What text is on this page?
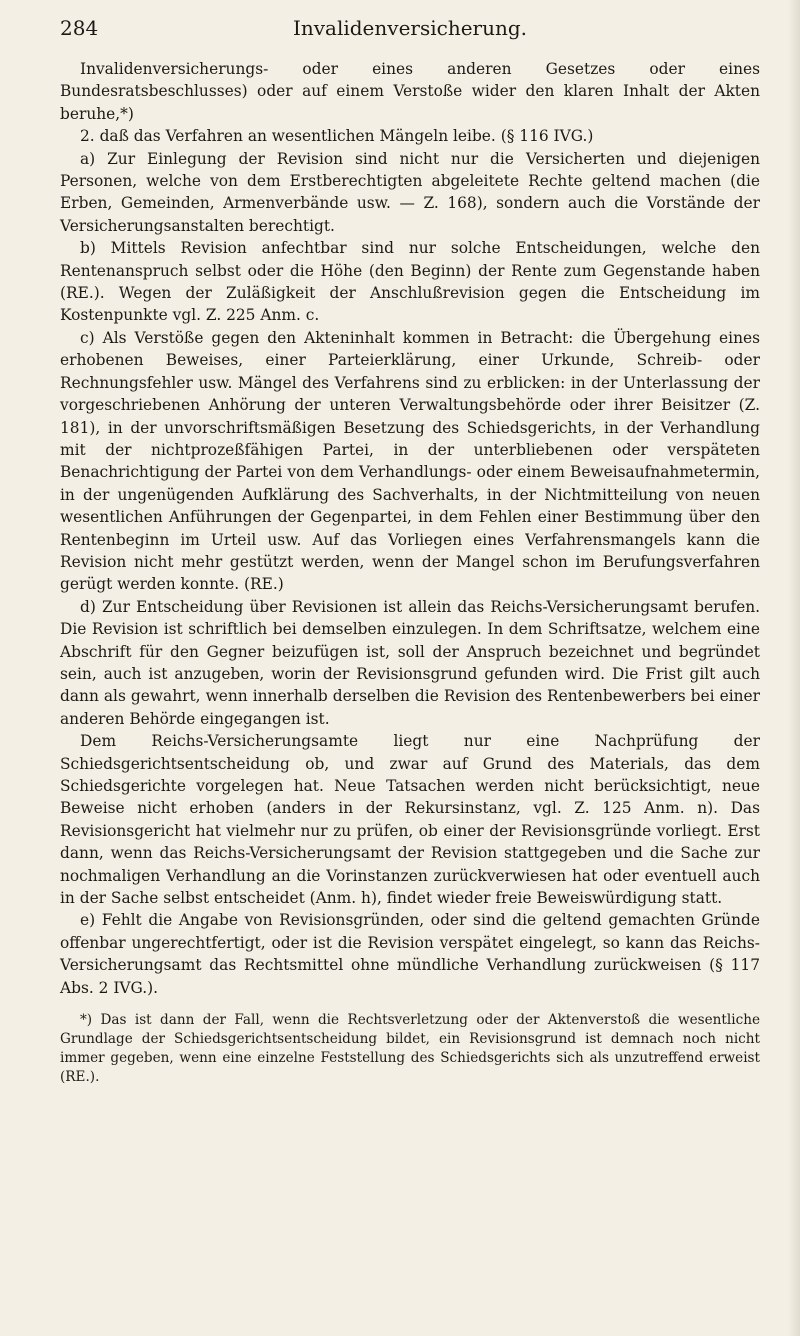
284	Invalidenversicherung.

Invalidenversicherungs- oder eines anderen Gesetzes oder eines Bundesratsbeschlusses) oder auf einem Verstoße wider den klaren Inhalt der Akten beruhe,*)

2. daß das Verfahren an wesentlichen Mängeln leibe. (§ 116 IVG.)

a) Zur Einlegung der Revision sind nicht nur die Versicherten und diejenigen Personen, welche von dem Erstberechtigten abgeleitete Rechte geltend machen (die Erben, Gemeinden, Armenverbände usw. — Z. 168), sondern auch die Vorstände der Versicherungsanstalten berechtigt.

b) Mittels Revision anfechtbar sind nur solche Entscheidungen, welche den Rentenanspruch selbst oder die Höhe (den Beginn) der Rente zum Gegenstande haben (RE.). Wegen der Zuläßigkeit der Anschlußrevision gegen die Entscheidung im Kostenpunkte vgl. Z. 225 Anm. c.

c) Als Verstöße gegen den Akteninhalt kommen in Betracht: die Übergehung eines erhobenen Beweises, einer Parteierklärung, einer Urkunde, Schreib- oder Rechnungsfehler usw. Mängel des Verfahrens sind zu erblicken: in der Unterlassung der vorgeschriebenen Anhörung der unteren Verwaltungsbehörde oder ihrer Beisitzer (Z. 181), in der unvorschriftsmäßigen Besetzung des Schiedsgerichts, in der Verhandlung mit der nichtprozeßfähigen Partei, in der unterbliebenen oder verspäteten Benachrichtigung der Partei von dem Verhandlungs- oder einem Beweisaufnahmetermin, in der ungenügenden Aufklärung des Sachverhalts, in der Nichtmitteilung von neuen wesentlichen Anführungen der Gegenpartei, in dem Fehlen einer Bestimmung über den Rentenbeginn im Urteil usw. Auf das Vorliegen eines Verfahrensmangels kann die Revision nicht mehr gestützt werden, wenn der Mangel schon im Berufungsverfahren gerügt werden konnte. (RE.)

d) Zur Entscheidung über Revisionen ist allein das Reichs-Versicherungsamt berufen. Die Revision ist schriftlich bei demselben einzulegen. In dem Schriftsatze, welchem eine Abschrift für den Gegner beizufügen ist, soll der Anspruch bezeichnet und begründet sein, auch ist anzugeben, worin der Revisionsgrund gefunden wird. Die Frist gilt auch dann als gewahrt, wenn innerhalb derselben die Revision des Rentenbewerbers bei einer anderen Behörde eingegangen ist.

Dem Reichs-Versicherungsamte liegt nur eine Nachprüfung der Schiedsgerichtsentscheidung ob, und zwar auf Grund des Materials, das dem Schiedsgerichte vorgelegen hat. Neue Tatsachen werden nicht berücksichtigt, neue Beweise nicht erhoben (anders in der Rekursinstanz, vgl. Z. 125 Anm. n). Das Revisionsgericht hat vielmehr nur zu prüfen, ob einer der Revisionsgründe vorliegt. Erst dann, wenn das Reichs-Versicherungsamt der Revision stattgegeben und die Sache zur nochmaligen Verhandlung an die Vorinstanzen zurückverwiesen hat oder eventuell auch in der Sache selbst entscheidet (Anm. h), findet wieder freie Beweiswürdigung statt.

e) Fehlt die Angabe von Revisionsgründen, oder sind die geltend gemachten Gründe offenbar ungerechtfertigt, oder ist die Revision verspätet eingelegt, so kann das Reichs-Versicherungsamt das Rechtsmittel ohne mündliche Verhandlung zurückweisen (§ 117 Abs. 2 IVG.).

*) Das ist dann der Fall, wenn die Rechtsverletzung oder der Aktenverstoß die wesentliche Grundlage der Schiedsgerichtsentscheidung bildet, ein Revisionsgrund ist demnach noch nicht immer gegeben, wenn eine einzelne Feststellung des Schiedsgerichts sich als unzutreffend erweist (RE.).
